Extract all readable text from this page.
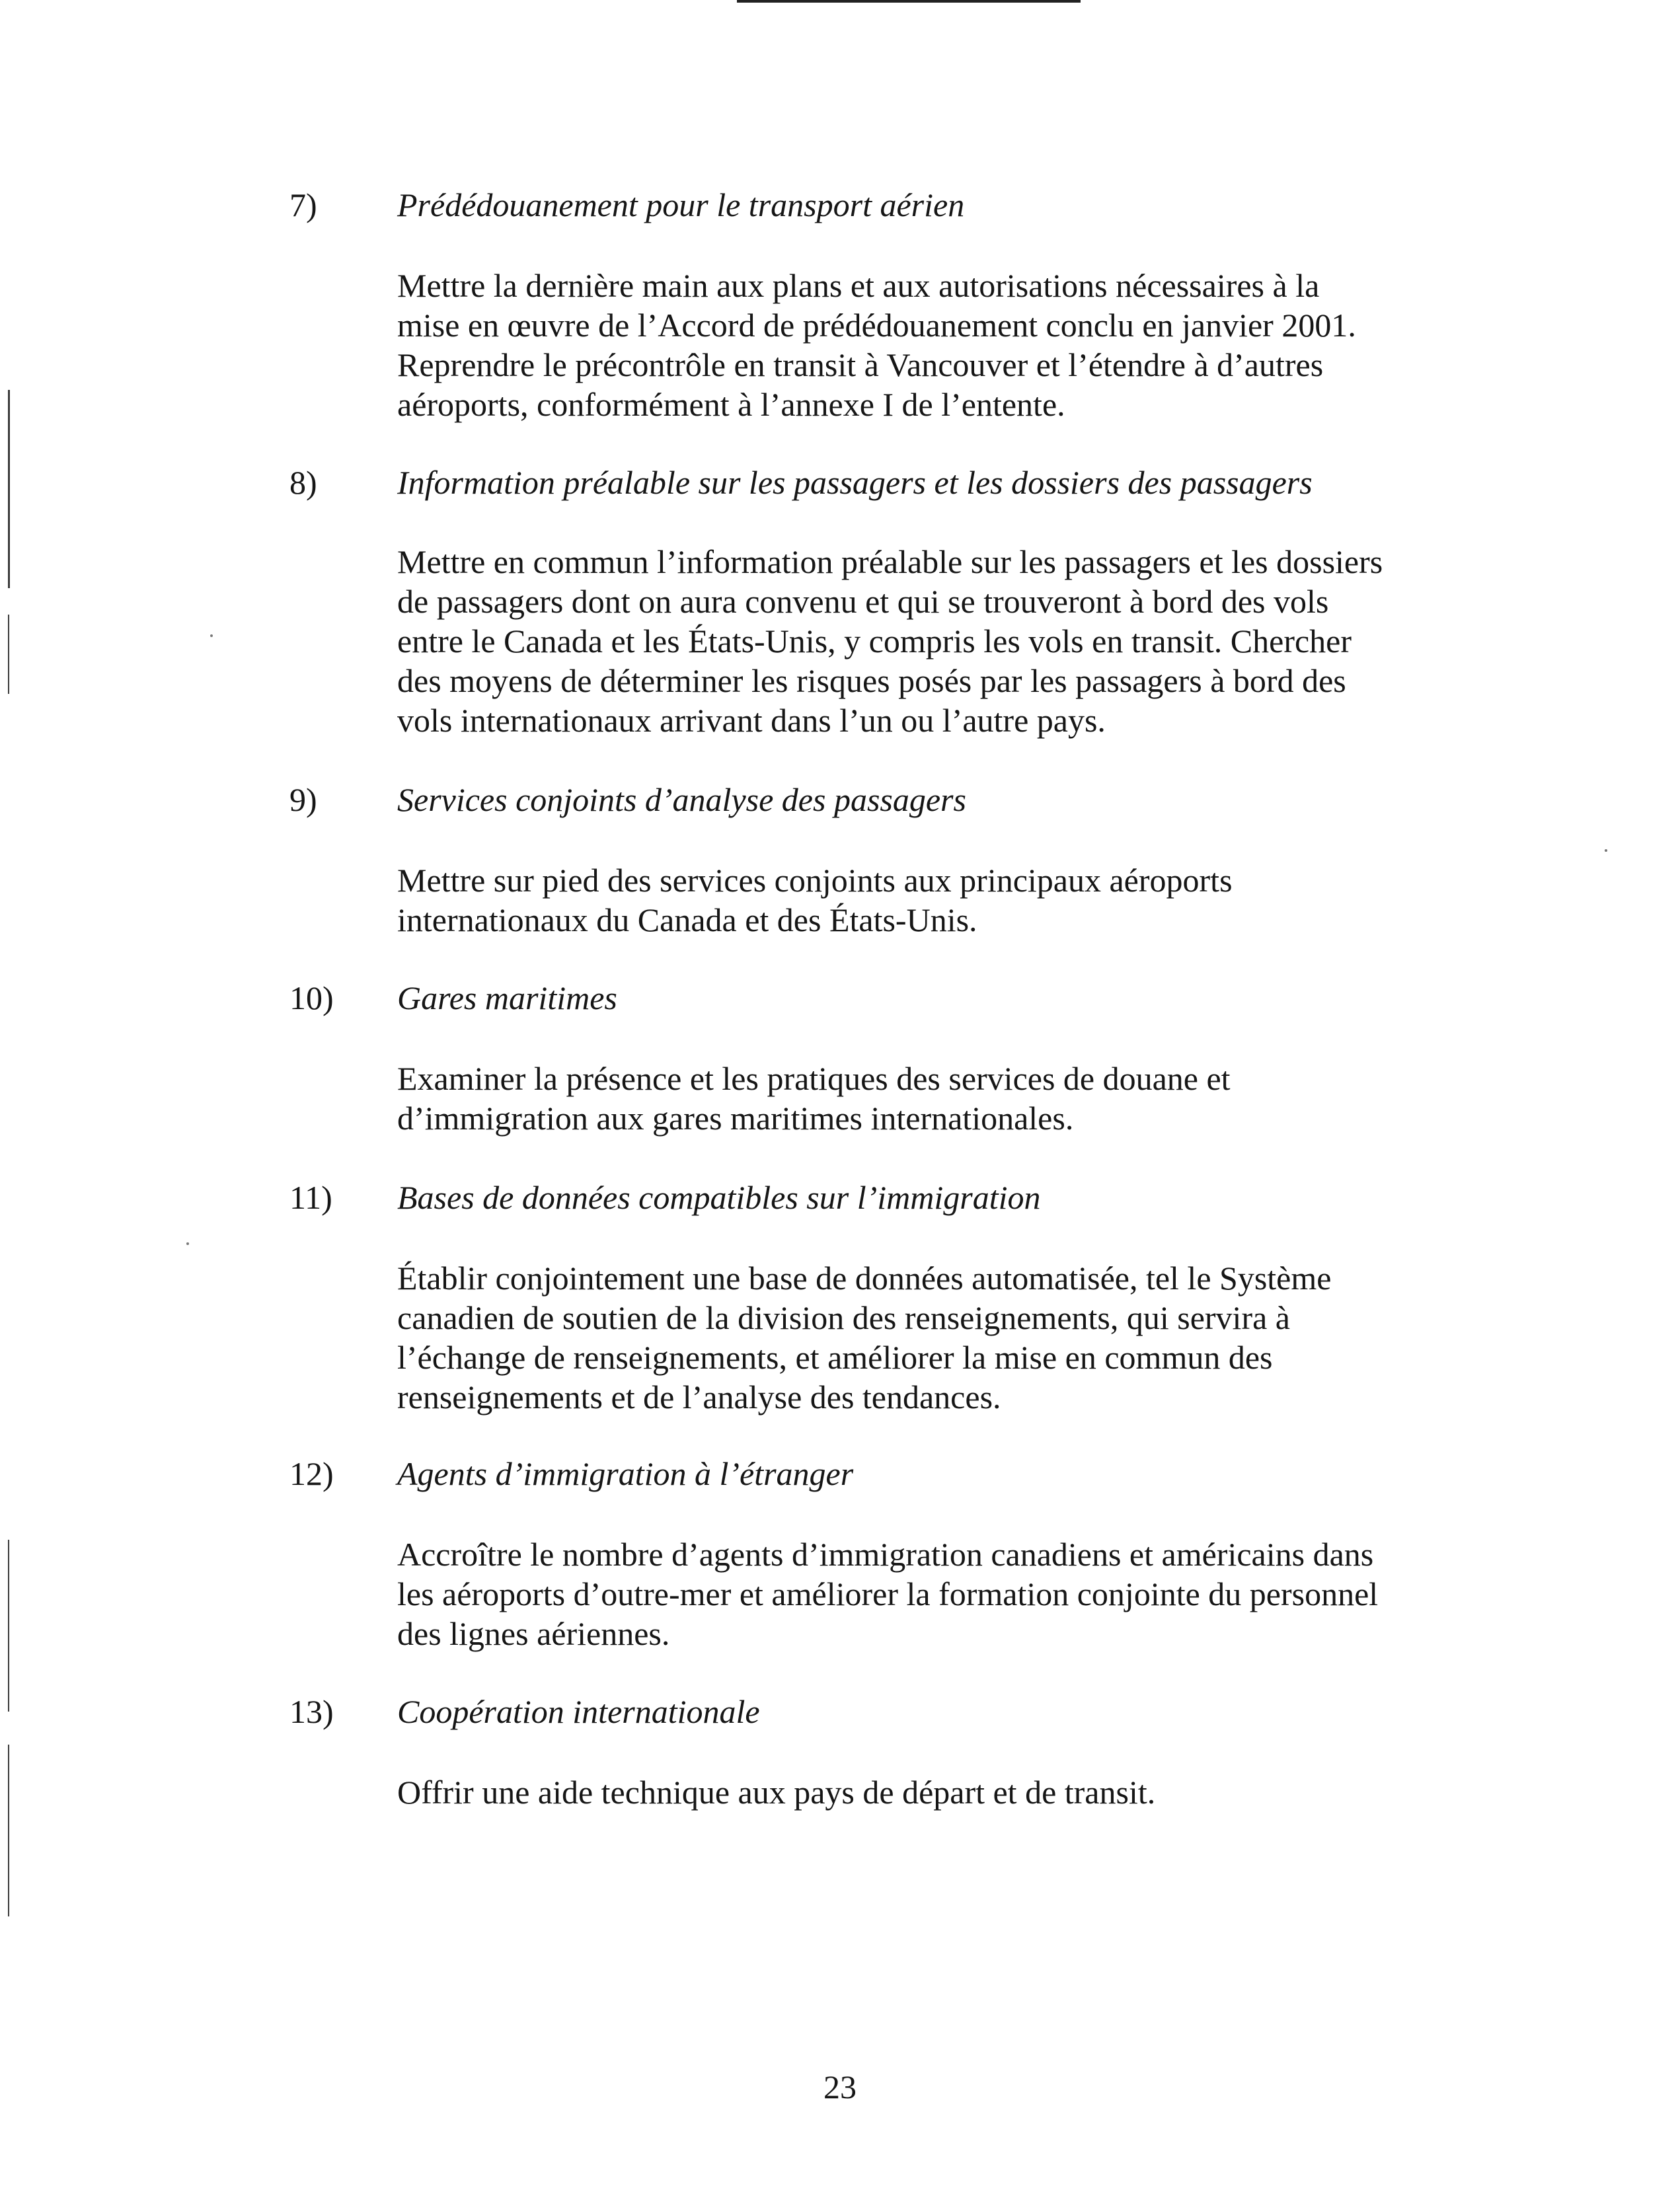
7) Prédédouanement pour le transport aérien
Mettre la dernière main aux plans et aux autorisations nécessaires à la
mise en œuvre de l’Accord de prédédouanement conclu en janvier 2001.
Reprendre le précontrôle en transit à Vancouver et l’étendre à d’autres
aéroports, conformément à l’annexe I de l’entente.
8) Information préalable sur les passagers et les dossiers des passagers
Mettre en commun l’information préalable sur les passagers et les dossiers
de passagers dont on aura convenu et qui se trouveront à bord des vols
entre le Canada et les États-Unis, y compris les vols en transit. Chercher
des moyens de déterminer les risques posés par les passagers à bord des
vols internationaux arrivant dans l’un ou l’autre pays.
9) Services conjoints d’analyse des passagers
Mettre sur pied des services conjoints aux principaux aéroports
internationaux du Canada et des États-Unis.
10) Gares maritimes
Examiner la présence et les pratiques des services de douane et
d’immigration aux gares maritimes internationales.
11) Bases de données compatibles sur l’immigration
Établir conjointement une base de données automatisée, tel le Système
canadien de soutien de la division des renseignements, qui servira à
l’échange de renseignements, et améliorer la mise en commun des
renseignements et de l’analyse des tendances.
12) Agents d’immigration à l’étranger
Accroître le nombre d’agents d’immigration canadiens et américains dans
les aéroports d’outre-mer et améliorer la formation conjointe du personnel
des lignes aériennes.
13) Coopération internationale
Offrir une aide technique aux pays de départ et de transit.
23
